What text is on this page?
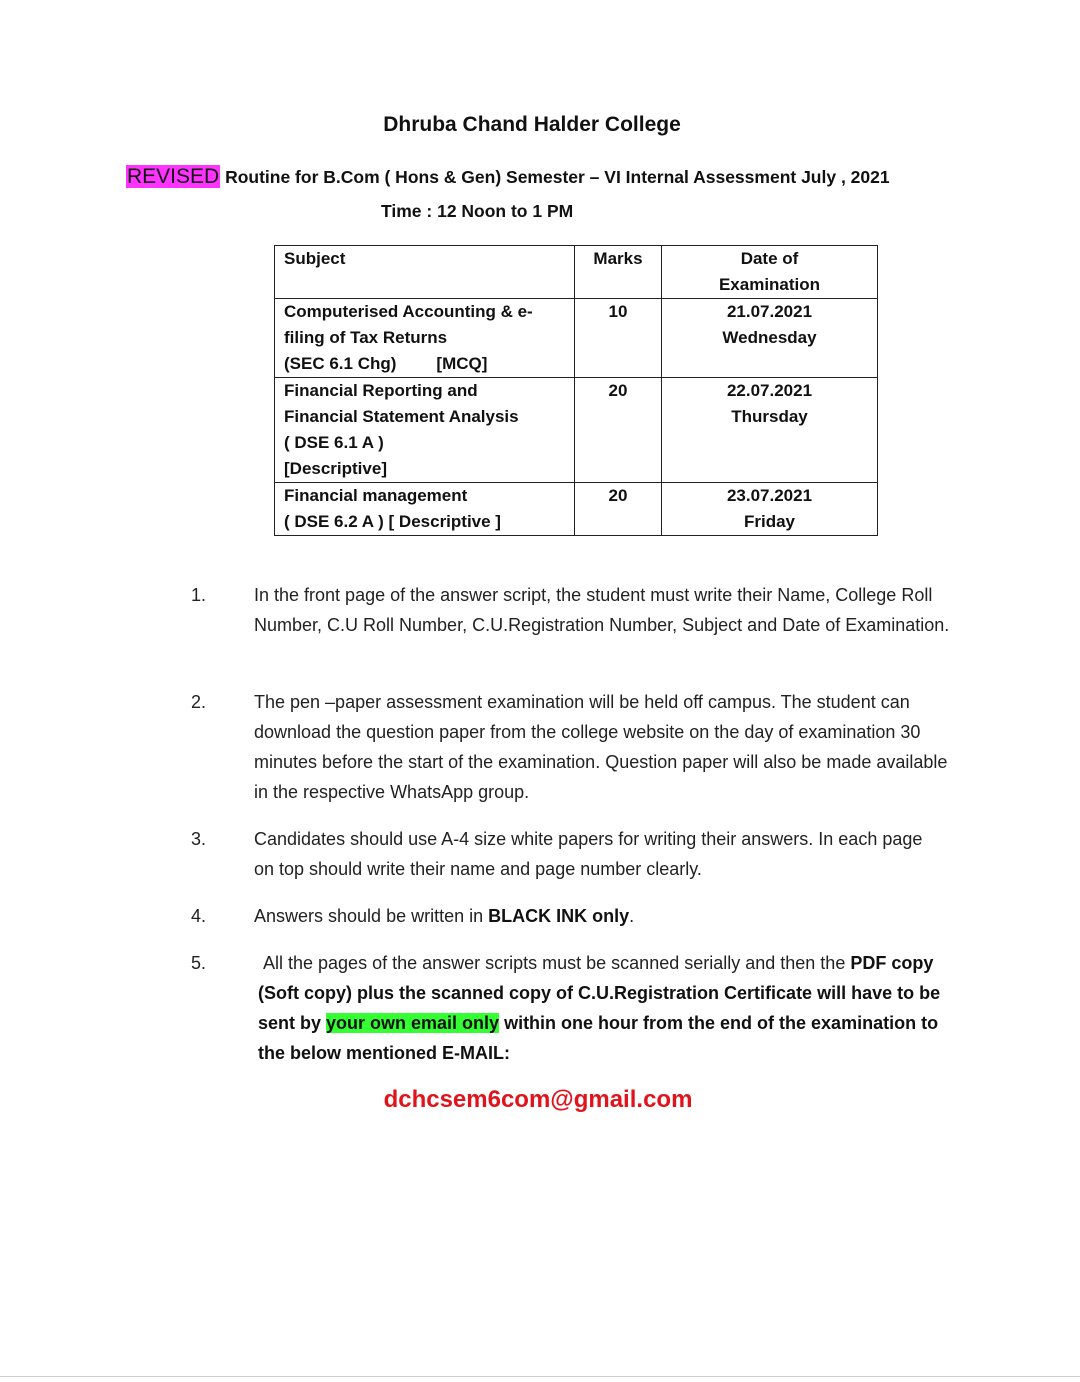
Dhruba Chand Halder College
REVISED Routine for B.Com ( Hons & Gen) Semester – VI Internal Assessment July , 2021
Time : 12 Noon to 1 PM
Subject	Marks	Date of
Examination

Computerised Accounting & e-
filing of Tax Returns
(SEC 6.1 Chg) [MCQ]	10	21.07.2021
Wednesday

Financial Reporting and
Financial Statement Analysis
( DSE 6.1 A )
[Descriptive]	20	22.07.2021
Thursday

Financial management
( DSE 6.2 A ) [ Descriptive ]	20	23.07.2021
Friday
1.	In the front page of the answer script, the student must write their Name, College Roll Number, C.U Roll Number, C.U.Registration Number, Subject and Date of Examination.
2.	The pen –paper assessment examination will be held off campus. The student can download the question paper from the college website on the day of examination 30 minutes before the start of the examination. Question paper will also be made available in the respective WhatsApp group.
3.	Candidates should use A-4 size white papers for writing their answers. In each page on top should write their name and page number clearly.
4.	Answers should be written in BLACK INK only.
5.	All the pages of the answer scripts must be scanned serially and then the PDF copy (Soft copy) plus the scanned copy of C.U.Registration Certificate will have to be sent by your own email only within one hour from the end of the examination to the below mentioned E-MAIL:
dchcsem6com@gmail.com
